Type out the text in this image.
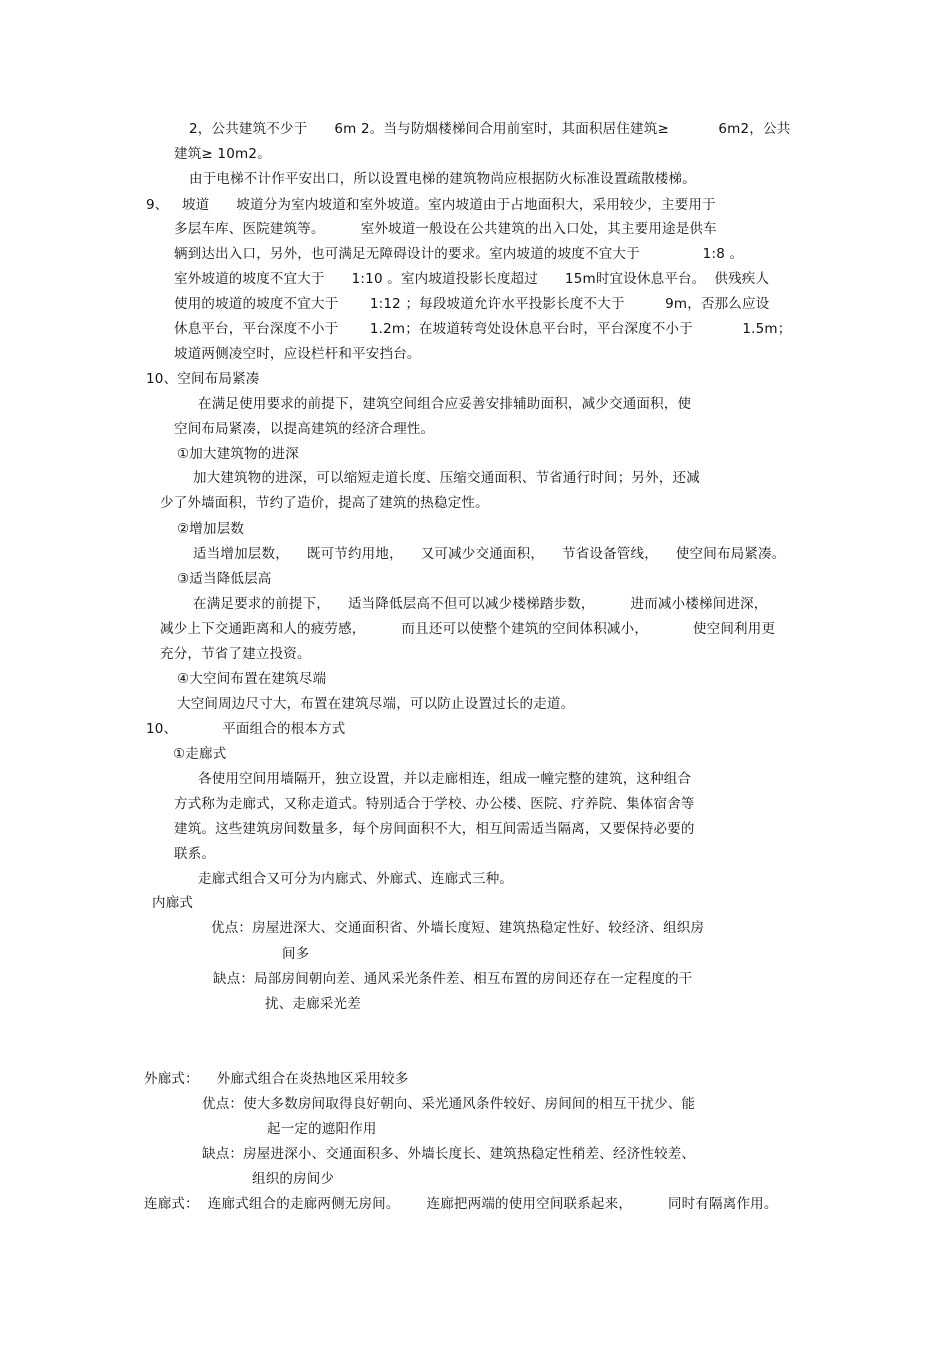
2，公共建筑不少于      6m 2。当与防烟楼梯间合用前室时，其面积居住建筑≥           6m2，公共
建筑≥ 10m2。
由于电梯不计作平安出口，所以设置电梯的建筑物尚应根据防火标准设置疏散楼梯。
9、   坡道      坡道分为室内坡道和室外坡道。室内坡道由于占地面积大，采用较少，主要用于
多层车库、医院建筑等。        室外坡道一般设在公共建筑的出入口处，其主要用途是供车
辆到达出入口，另外，也可满足无障碍设计的要求。室内坡道的坡度不宜大于              1:8 。
室外坡道的坡度不宜大于      1:10 。室内坡道投影长度超过      15m时宜设休息平台。  供残疾人
使用的坡道的坡度不宜大于       1:12 ；每段坡道允许水平投影长度不大于         9m，否那么应设
休息平台，平台深度不小于       1.2m；在坡道转弯处设休息平台时，平台深度不小于           1.5m；
坡道两侧凌空时，应设栏杆和平安挡台。
10、空间布局紧凑
在满足使用要求的前提下，建筑空间组合应妥善安排辅助面积，减少交通面积，使
空间布局紧凑，以提高建筑的经济合理性。
①加大建筑物的进深
加大建筑物的进深，可以缩短走道长度、压缩交通面积、节省通行时间；另外，还减
少了外墙面积，节约了造价，提高了建筑的热稳定性。
②增加层数
适当增加层数，    既可节约用地，    又可减少交通面积，    节省设备管线，    使空间布局紧凑。
③适当降低层高
在满足要求的前提下，    适当降低层高不但可以减少楼梯踏步数，        进而减小楼梯间进深，
减少上下交通距离和人的疲劳感，        而且还可以使整个建筑的空间体积减小，          使空间利用更
充分，节省了建立投资。
④大空间布置在建筑尽端
大空间周边尺寸大，布置在建筑尽端，可以防止设置过长的走道。
10、          平面组合的根本方式
①走廊式
各使用空间用墙隔开，独立设置，并以走廊相连，组成一幢完整的建筑，这种组合
方式称为走廊式，又称走道式。特别适合于学校、办公楼、医院、疗养院、集体宿舍等
建筑。这些建筑房间数量多，每个房间面积不大，相互间需适当隔离，又要保持必要的
联系。
走廊式组合又可分为内廊式、外廊式、连廊式三种。
内廊式
优点：房屋进深大、交通面积省、外墙长度短、建筑热稳定性好、较经济、组织房
间多
缺点：局部房间朝向差、通风采光条件差、相互布置的房间还存在一定程度的干
扰、走廊采光差
外廊式：    外廊式组合在炎热地区采用较多
优点：使大多数房间取得良好朝向、采光通风条件较好、房间间的相互干扰少、能
起一定的遮阳作用
缺点：房屋进深小、交通面积多、外墙长度长、建筑热稳定性稍差、经济性较差、
组织的房间少
连廊式：  连廊式组合的走廊两侧无房间。      连廊把两端的使用空间联系起来，        同时有隔离作用。
